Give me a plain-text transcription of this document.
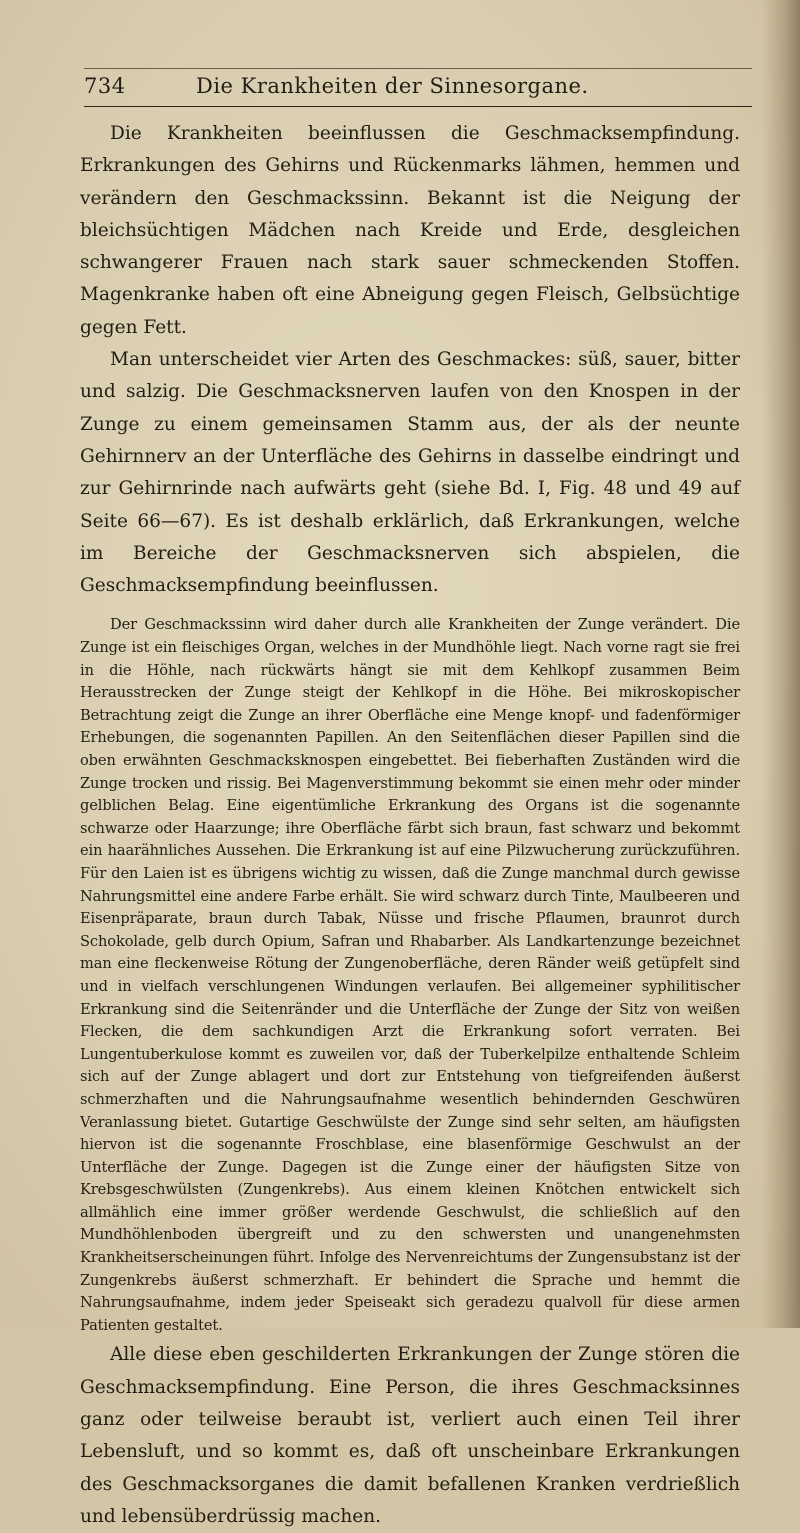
734	Die Krankheiten der Sinnesorgane.

Die Krankheiten beeinflussen die Geschmacksempfindung. Erkrankungen des Gehirns und Rückenmarks lähmen, hemmen und verändern den Geschmackssinn. Bekannt ist die Neigung der bleichsüchtigen Mädchen nach Kreide und Erde, desgleichen schwangerer Frauen nach stark sauer schmeckenden Stoffen. Magenkranke haben oft eine Abneigung gegen Fleisch, Gelbsüchtige gegen Fett.

Man unterscheidet vier Arten des Geschmackes: süß, sauer, bitter und salzig. Die Geschmacksnerven laufen von den Knospen in der Zunge zu einem gemeinsamen Stamm aus, der als der neunte Gehirnnerv an der Unterfläche des Gehirns in dasselbe eindringt und zur Gehirnrinde nach aufwärts geht (siehe Bd. I, Fig. 48 und 49 auf Seite 66—67). Es ist deshalb erklärlich, daß Erkrankungen, welche im Bereiche der Geschmacksnerven sich abspielen, die Geschmacksempfindung beeinflussen.

Der Geschmackssinn wird daher durch alle Krankheiten der Zunge verändert. Die Zunge ist ein fleischiges Organ, welches in der Mundhöhle liegt. Nach vorne ragt sie frei in die Höhle, nach rückwärts hängt sie mit dem Kehlkopf zusammen Beim Herausstrecken der Zunge steigt der Kehlkopf in die Höhe. Bei mikroskopischer Betrachtung zeigt die Zunge an ihrer Oberfläche eine Menge knopf- und fadenförmiger Erhebungen, die sogenannten Papillen. An den Seitenflächen dieser Papillen sind die oben erwähnten Geschmacksknospen eingebettet. Bei fieberhaften Zuständen wird die Zunge trocken und rissig. Bei Magenverstimmung bekommt sie einen mehr oder minder gelblichen Belag. Eine eigentümliche Erkrankung des Organs ist die sogenannte schwarze oder Haarzunge; ihre Oberfläche färbt sich braun, fast schwarz und bekommt ein haarähnliches Aussehen. Die Erkrankung ist auf eine Pilzwucherung zurückzuführen. Für den Laien ist es übrigens wichtig zu wissen, daß die Zunge manchmal durch gewisse Nahrungsmittel eine andere Farbe erhält. Sie wird schwarz durch Tinte, Maulbeeren und Eisenpräparate, braun durch Tabak, Nüsse und frische Pflaumen, braunrot durch Schokolade, gelb durch Opium, Safran und Rhabarber. Als Landkartenzunge bezeichnet man eine fleckenweise Rötung der Zungenoberfläche, deren Ränder weiß getüpfelt sind und in vielfach verschlungenen Windungen verlaufen. Bei allgemeiner syphilitischer Erkrankung sind die Seitenränder und die Unterfläche der Zunge der Sitz von weißen Flecken, die dem sachkundigen Arzt die Erkrankung sofort verraten. Bei Lungentuberkulose kommt es zuweilen vor, daß der Tuberkelpilze enthaltende Schleim sich auf der Zunge ablagert und dort zur Entstehung von tiefgreifenden äußerst schmerzhaften und die Nahrungsaufnahme wesentlich behindernden Geschwüren Veranlassung bietet. Gutartige Geschwülste der Zunge sind sehr selten, am häufigsten hiervon ist die sogenannte Froschblase, eine blasenförmige Geschwulst an der Unterfläche der Zunge. Dagegen ist die Zunge einer der häufigsten Sitze von Krebsgeschwülsten (Zungenkrebs). Aus einem kleinen Knötchen entwickelt sich allmählich eine immer größer werdende Geschwulst, die schließlich auf den Mundhöhlenboden übergreift und zu den schwersten und unangenehmsten Krankheitserscheinungen führt. Infolge des Nervenreichtums der Zungensubstanz ist der Zungenkrebs äußerst schmerzhaft. Er behindert die Sprache und hemmt die Nahrungsaufnahme, indem jeder Speiseakt sich geradezu qualvoll für diese armen Patienten gestaltet.

Alle diese eben geschilderten Erkrankungen der Zunge stören die Geschmacksempfindung. Eine Person, die ihres Geschmacksinnes ganz oder teilweise beraubt ist, verliert auch einen Teil ihrer Lebensluft, und so kommt es, daß oft unscheinbare Erkrankungen des Geschmacksorganes die damit befallenen Kranken verdrießlich und lebensüberdrüssig machen.
